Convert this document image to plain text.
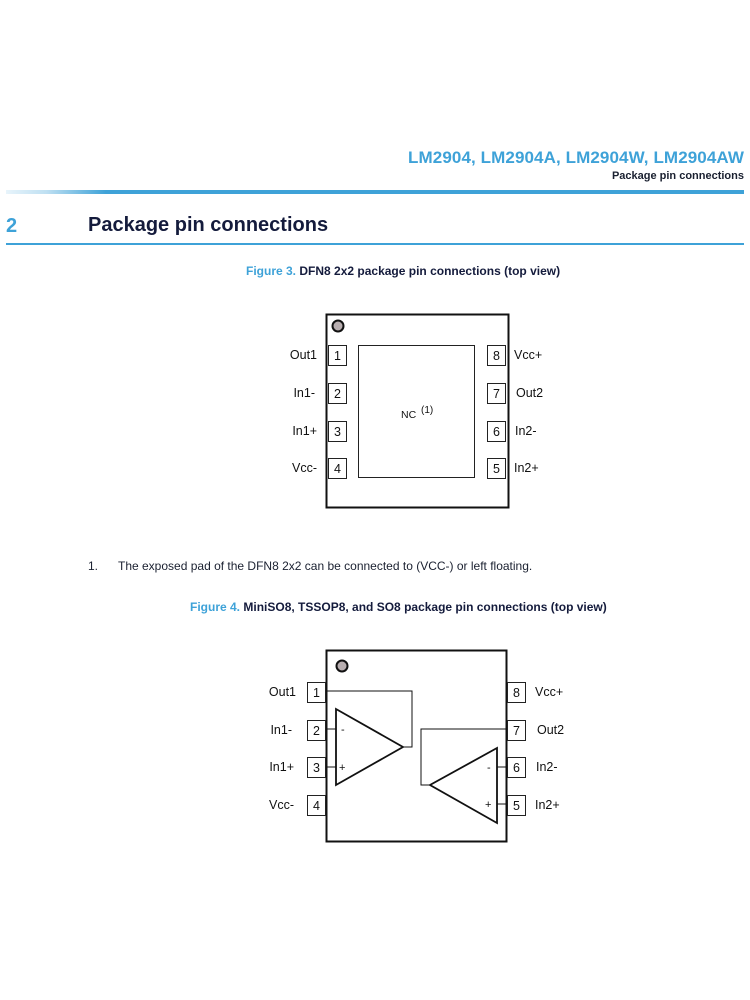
LM2904, LM2904A, LM2904W, LM2904AW
Package pin connections
2	Package pin connections
Figure 3. DFN8 2x2 package pin connections (top view)
1
2
3
4
8
7
6
5
Out1
In1-
In1+
Vcc-
Vcc+
Out2
In2-
In2+
NC (1)
1. The exposed pad of the DFN8 2x2 can be connected to (VCC-) or left floating.
Figure 4. MiniSO8, TSSOP8, and SO8 package pin connections (top view)
-
+	-
+
1
2
3
4
8
7
6
5
Out1
In1-
In1+
Vcc-
Vcc+
Out2
In2-
In2+
